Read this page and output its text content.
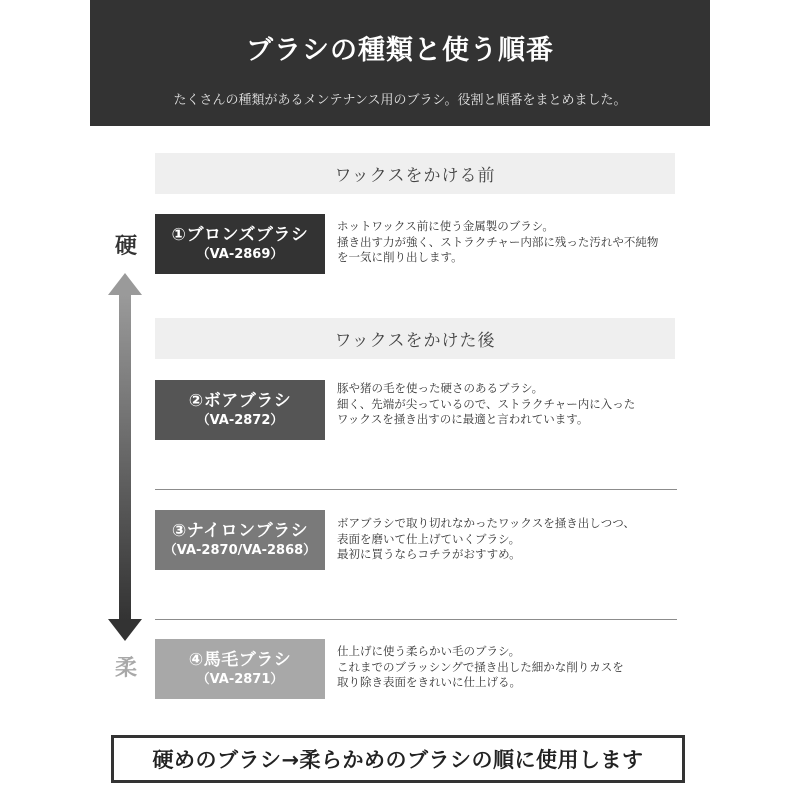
ブラシの種類と使う順番
たくさんの種類があるメンテナンス用のブラシ。役割と順番をまとめました。
硬
柔
ワックスをかける前
①ブロンズブラシ
（VA-2869）
ホットワックス前に使う金属製のブラシ。
掻き出す力が強く、ストラクチャー内部に残った汚れや不純物
を一気に削り出します。
ワックスをかけた後
②ボアブラシ
（VA-2872）
豚や猪の毛を使った硬さのあるブラシ。
細く、先端が尖っているので、ストラクチャー内に入った
ワックスを掻き出すのに最適と言われています。
③ナイロンブラシ
（VA-2870/VA-2868）
ボアブラシで取り切れなかったワックスを掻き出しつつ、
表面を磨いて仕上げていくブラシ。
最初に買うならコチラがおすすめ。
④馬毛ブラシ
（VA-2871）
仕上げに使う柔らかい毛のブラシ。
これまでのブラッシングで掻き出した細かな削りカスを
取り除き表面をきれいに仕上げる。
硬めのブラシ→柔らかめのブラシの順に使用します
